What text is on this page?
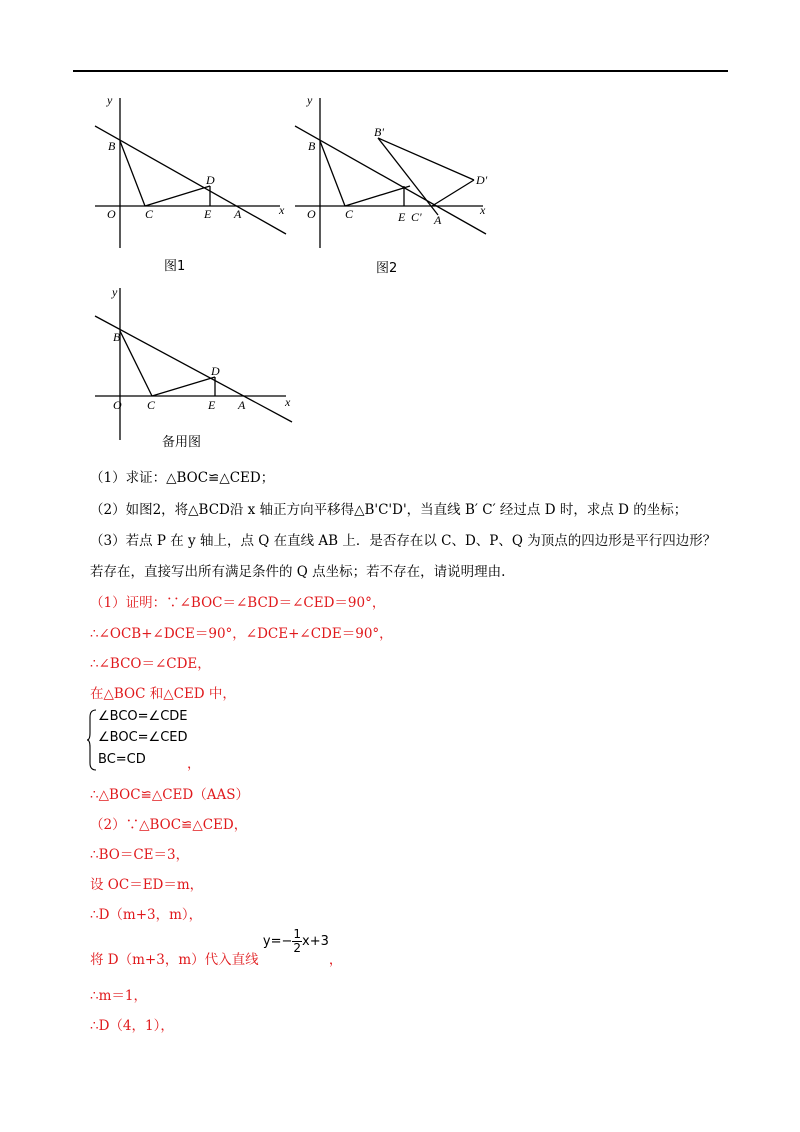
y
x
O
B
C
D
E A
图1
y
x
O
B
C	E C' A
B'
D'
图2
y
x
O
B
C
D
E A
备用图
（1）求证：△BOC≌△CED；
（2）如图2，将△BCD沿 x 轴正方向平移得△B'C'D'，当直线 B′ C′ 经过点 D 时，求点 D 的坐标；
（3）若点 P 在 y 轴上，点 Q 在直线 AB 上．是否存在以 C、D、P、Q 为顶点的四边形是平行四边形？
若存在，直接写出所有满足条件的 Q 点坐标；若不存在，请说明理由.
（1）证明：∵∠BOC＝∠BCD＝∠CED＝90°，
∴∠OCB+∠DCE＝90°，∠DCE+∠CDE＝90°，
∴∠BCO＝∠CDE，
在△BOC 和△CED 中，
∠BCO=∠CDE
∠BOC=∠CED
BC=CD	，
∴△BOC≌△CED（AAS）
（2）∵△BOC≌△CED，
∴BO＝CE＝3，
设 OC＝ED＝m，
∴D（m+3，m），
将 D（m+3，m）代入直线 $y=- \frac{1}{2} x+3$，
∴m＝1，
∴D（4，1），
